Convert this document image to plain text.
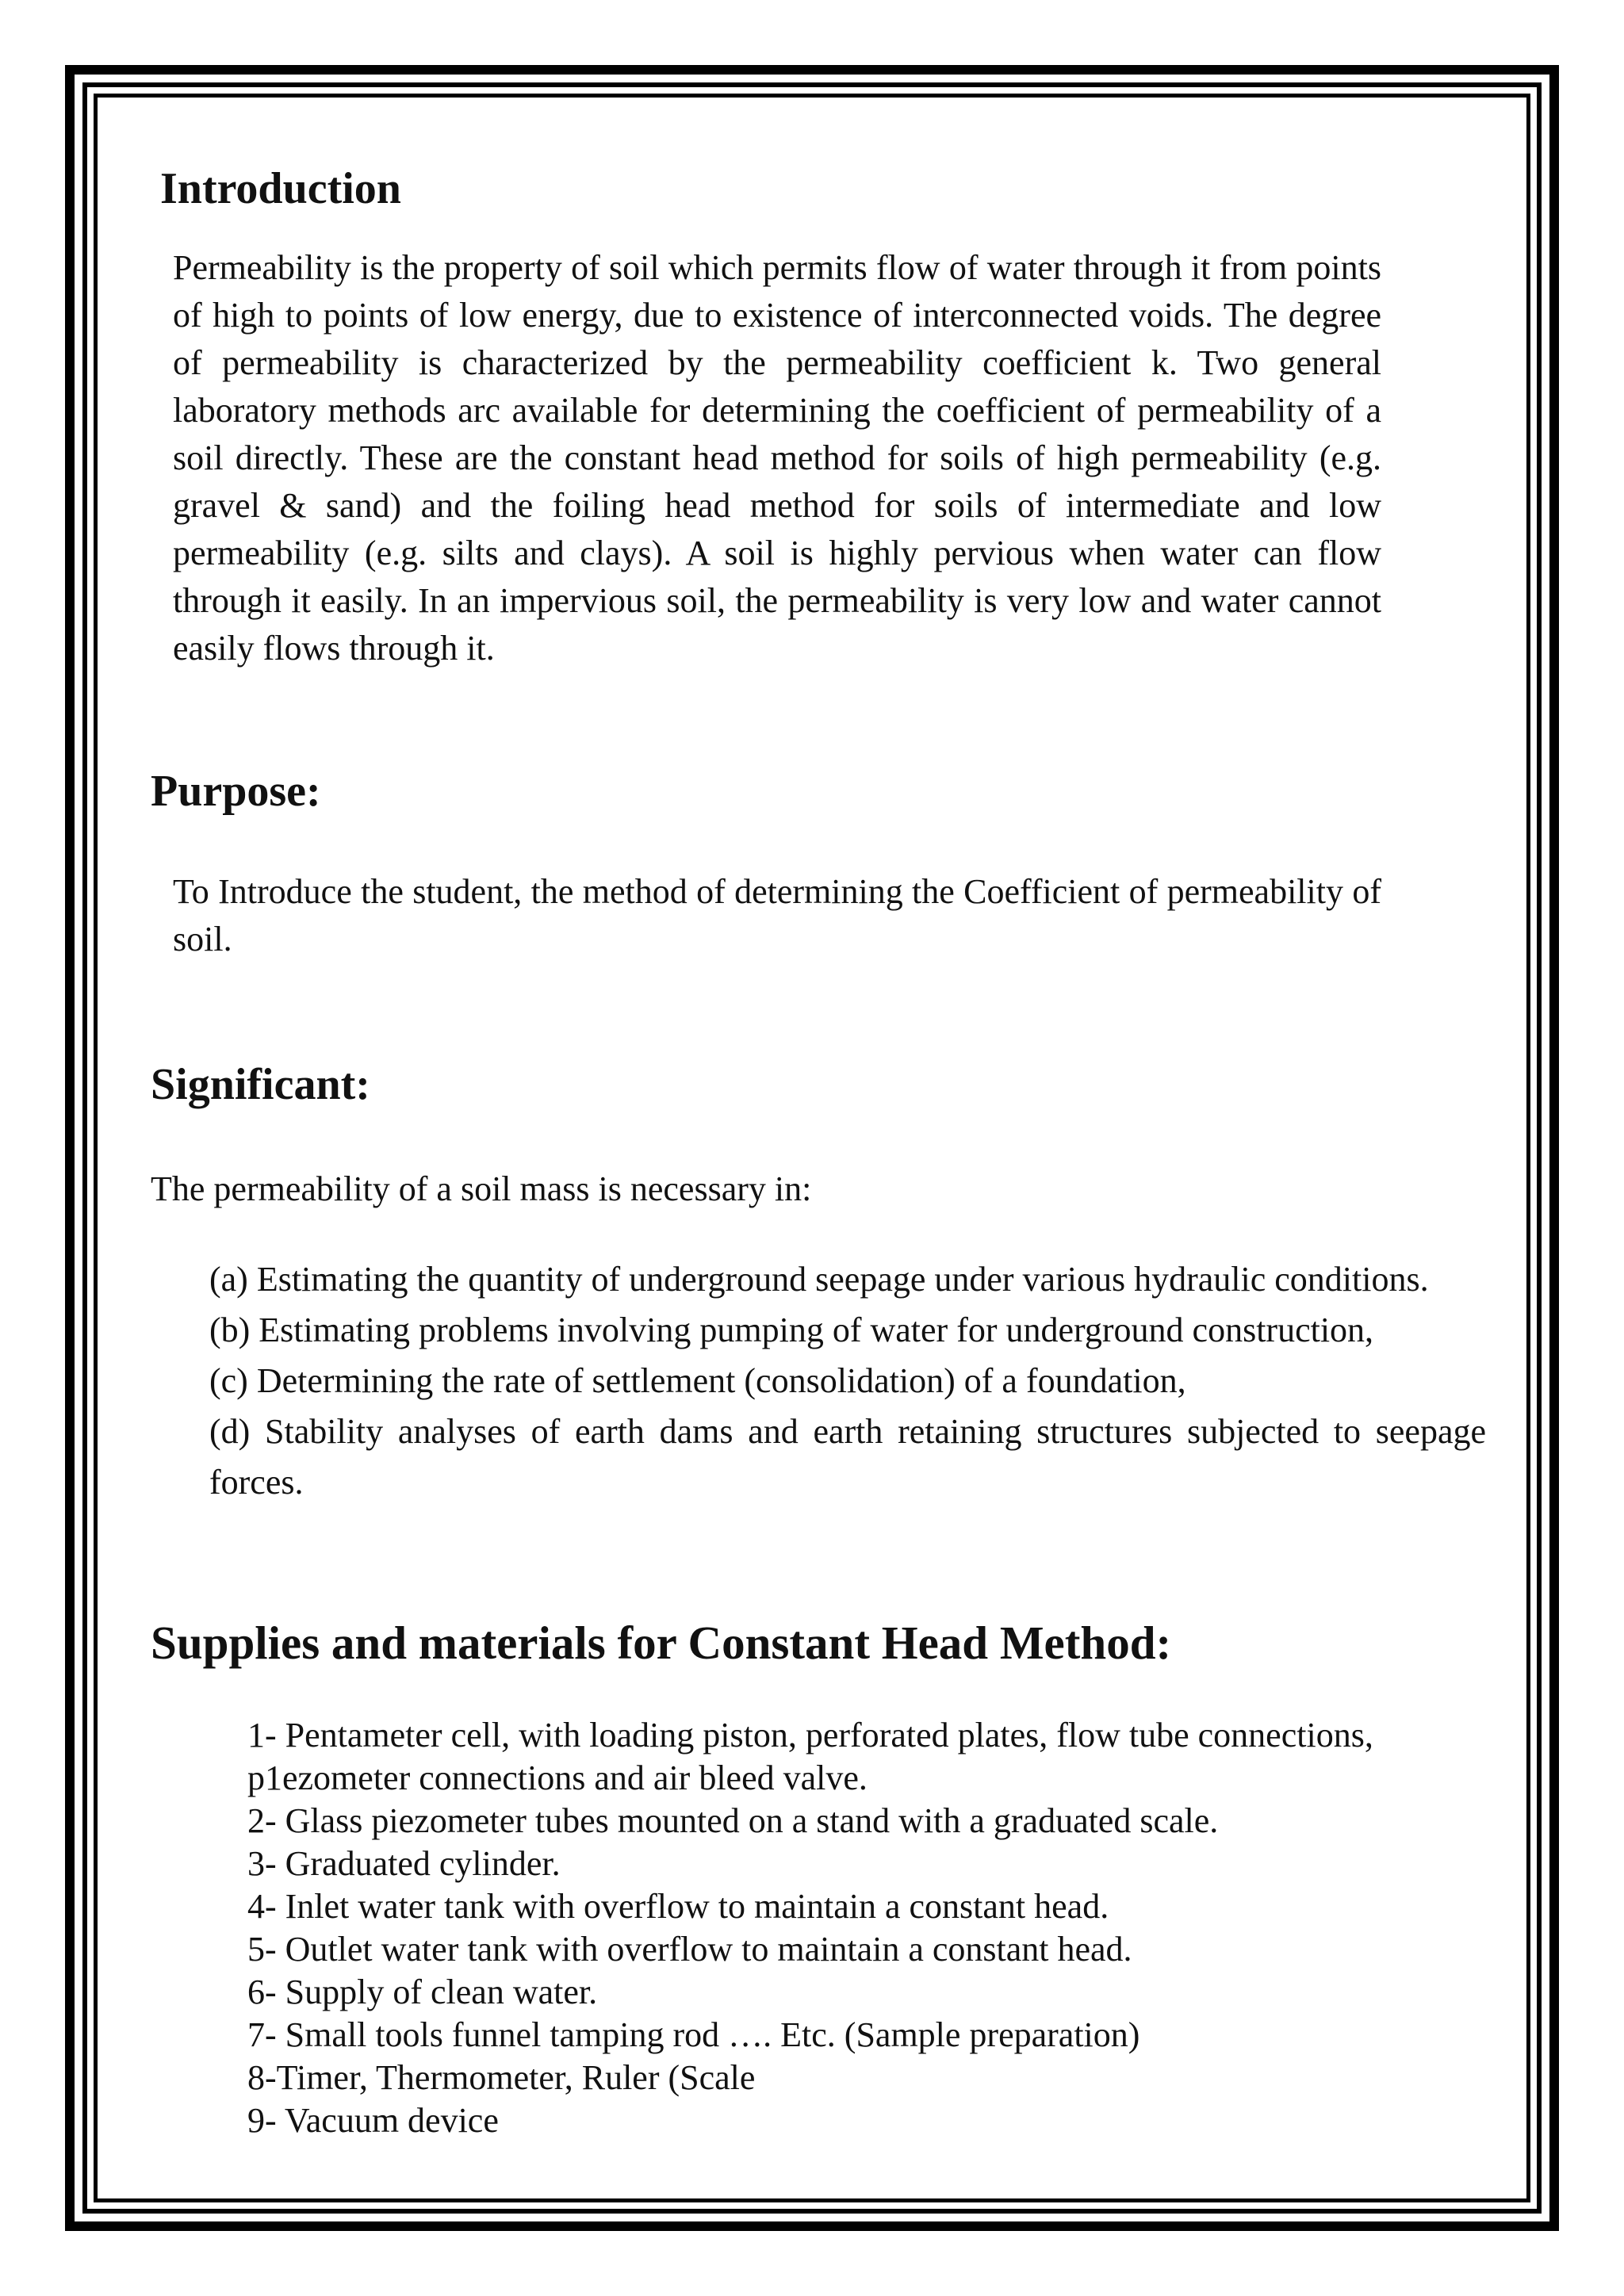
Introduction

Permeability is the property of soil which permits flow of water through it from points of high to points of low energy, due to existence of interconnected voids. The degree of permeability is characterized by the permeability coefficient k. Two general laboratory methods arc available for determining the coefficient of permeability of a soil directly. These are the constant head method for soils of high permeability (e.g. gravel & sand) and the foiling head method for soils of intermediate and low permeability (e.g. silts and clays). A soil is highly pervious when water can flow through it easily. In an impervious soil, the permeability is very low and water cannot easily flows through it.

Purpose:

To Introduce the student, the method of determining the Coefficient of permeability of soil.

Significant:

The permeability of a soil mass is necessary in:

(a) Estimating the quantity of underground seepage under various hydraulic conditions.
(b) Estimating problems involving pumping of water for underground construction,
(c) Determining the rate of settlement (consolidation) of a foundation,
(d) Stability analyses of earth dams and earth retaining structures subjected to seepage forces.
Supplies and materials for Constant Head Method:
1- Pentameter cell, with loading piston, perforated plates, flow tube connections, p1ezometer connections and air bleed valve.
2- Glass piezometer tubes mounted on a stand with a graduated scale.
3- Graduated cylinder.
4- Inlet water tank with overflow to maintain a constant head.
5- Outlet water tank with overflow to maintain a constant head.
6- Supply of clean water.
7- Small tools funnel tamping rod …. Etc. (Sample preparation)
8-Timer, Thermometer, Ruler (Scale
9- Vacuum device
